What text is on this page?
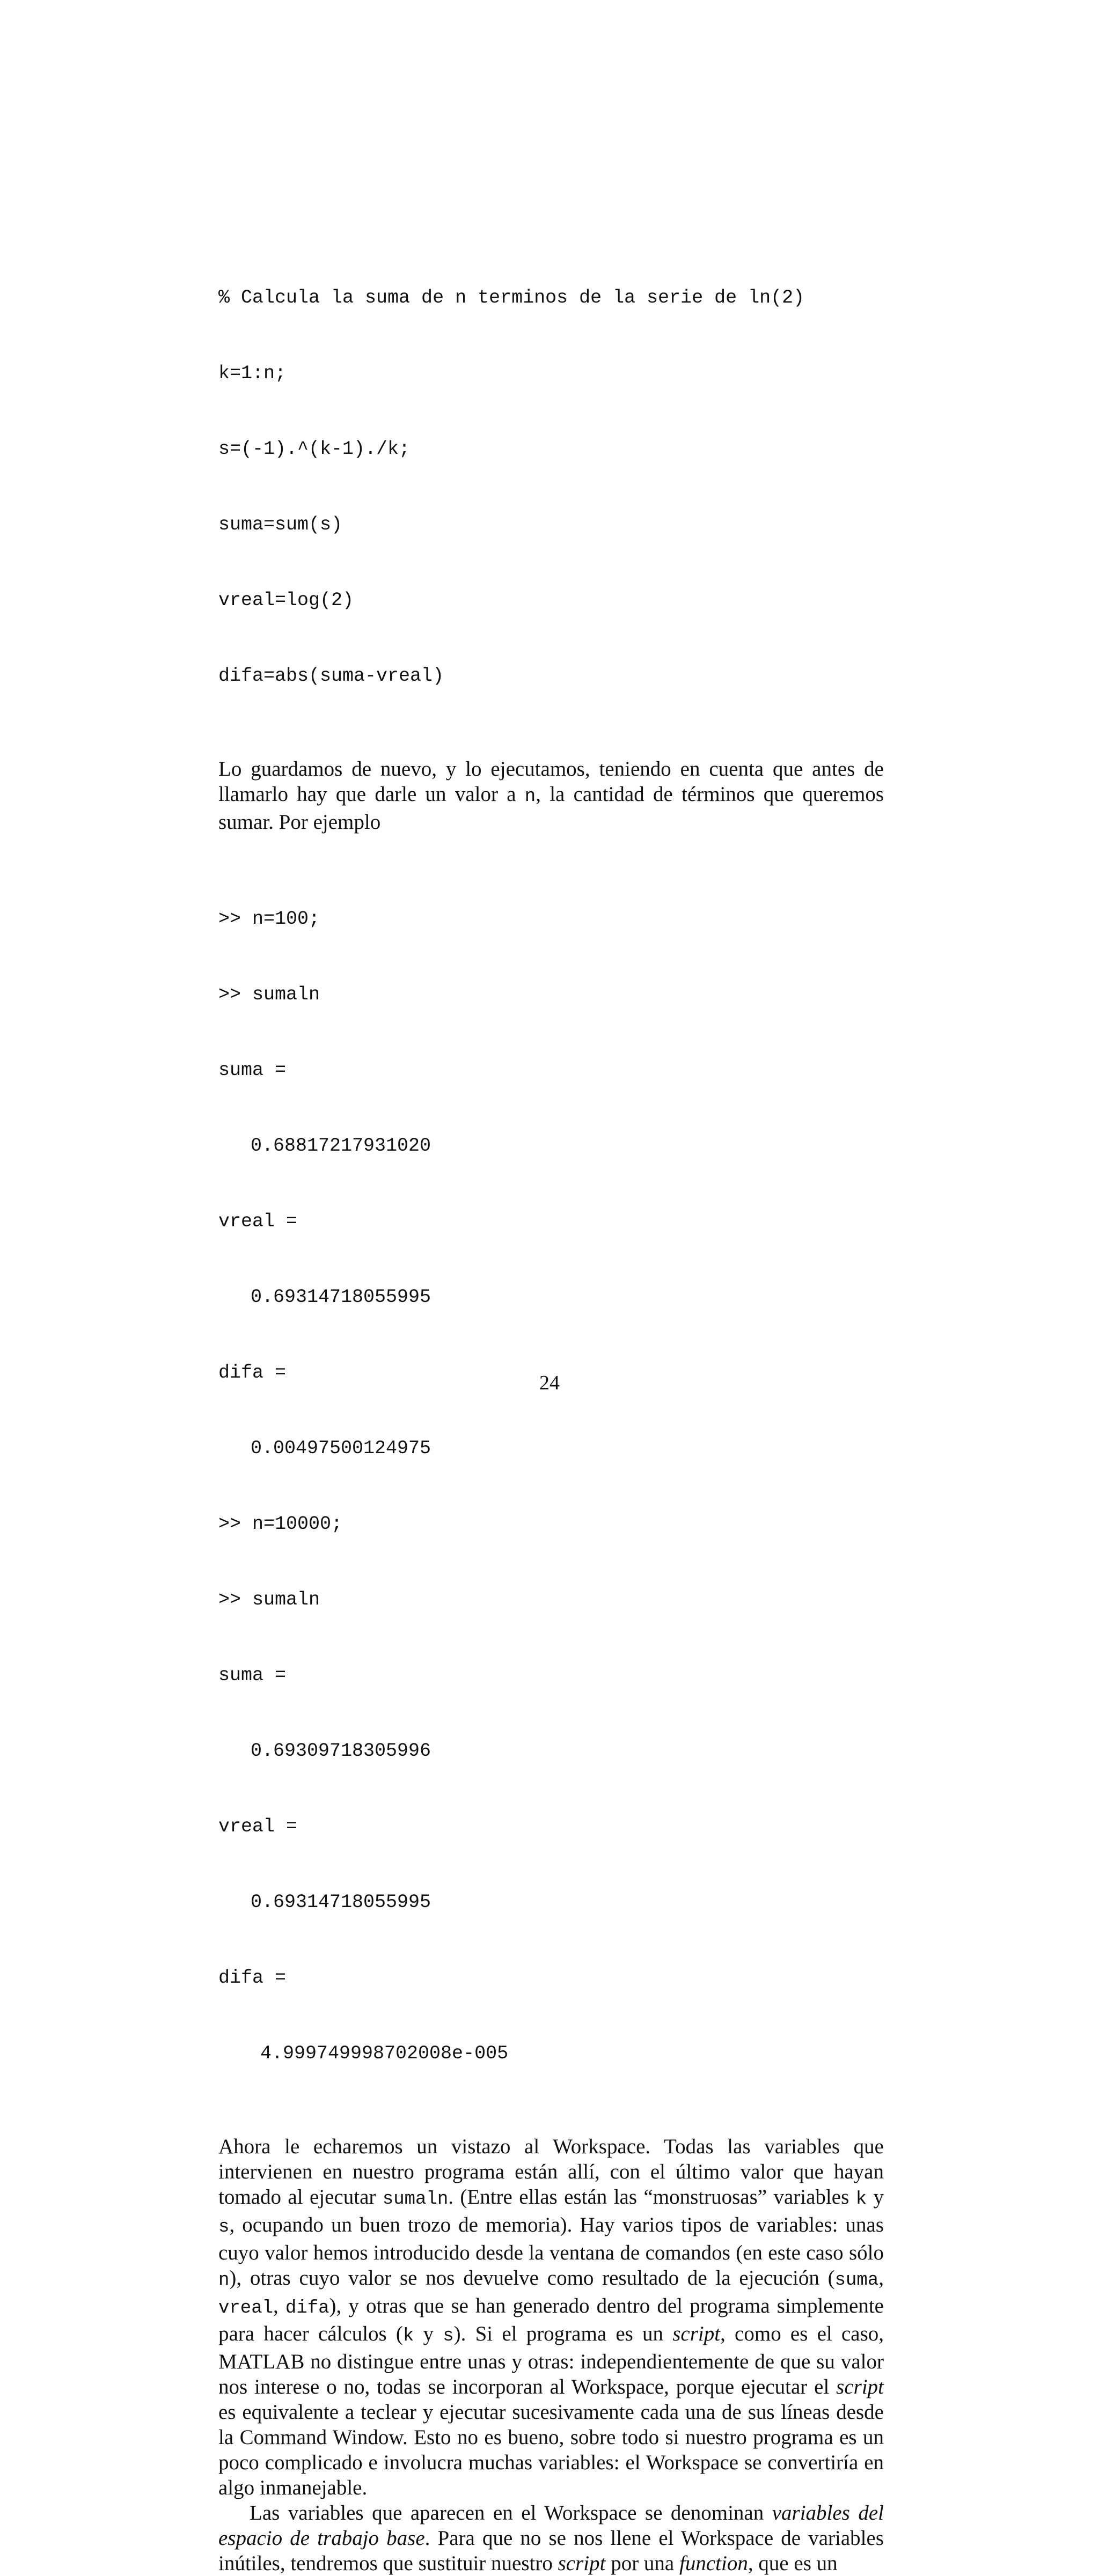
% Calcula la suma de n terminos de la serie de ln(2)

k=1:n;

s=(-1).^(k-1)./k;

suma=sum(s)

vreal=log(2)

difa=abs(suma-vreal)

Lo guardamos de nuevo, y lo ejecutamos, teniendo en cuenta que antes de llamarlo hay que darle un valor a n, la cantidad de términos que queremos sumar. Por ejemplo

>> n=100;

>> sumaln

suma =

0.68817217931020

vreal =

0.69314718055995

difa =

0.00497500124975

>> n=10000;

>> sumaln

suma =

0.69309718305996

vreal =

0.69314718055995

difa =

4.999749998702008e-005

Ahora le echaremos un vistazo al Workspace. Todas las variables que intervienen en nuestro programa están allí, con el último valor que hayan tomado al ejecutar sumaln. (Entre ellas están las “monstruosas” variables k y s, ocupando un buen trozo de memoria). Hay varios tipos de variables: unas cuyo valor hemos introducido desde la ventana de comandos (en este caso sólo n), otras cuyo valor se nos devuelve como resultado de la ejecución (suma, vreal, difa), y otras que se han generado dentro del programa simplemente para hacer cálculos (k y s). Si el programa es un script, como es el caso, MATLAB no distingue entre unas y otras: independientemente de que su valor nos interese o no, todas se incorporan al Workspace, porque ejecutar el script es equivalente a teclear y ejecutar sucesivamente cada una de sus líneas desde la Command Window. Esto no es bueno, sobre todo si nuestro programa es un poco complicado e involucra muchas variables: el Workspace se convertiría en algo inmanejable.

Las variables que aparecen en el Workspace se denominan variables del espacio de trabajo base. Para que no se nos llene el Workspace de variables inútiles, tendremos que sustituir nuestro script por una function, que es un

24
